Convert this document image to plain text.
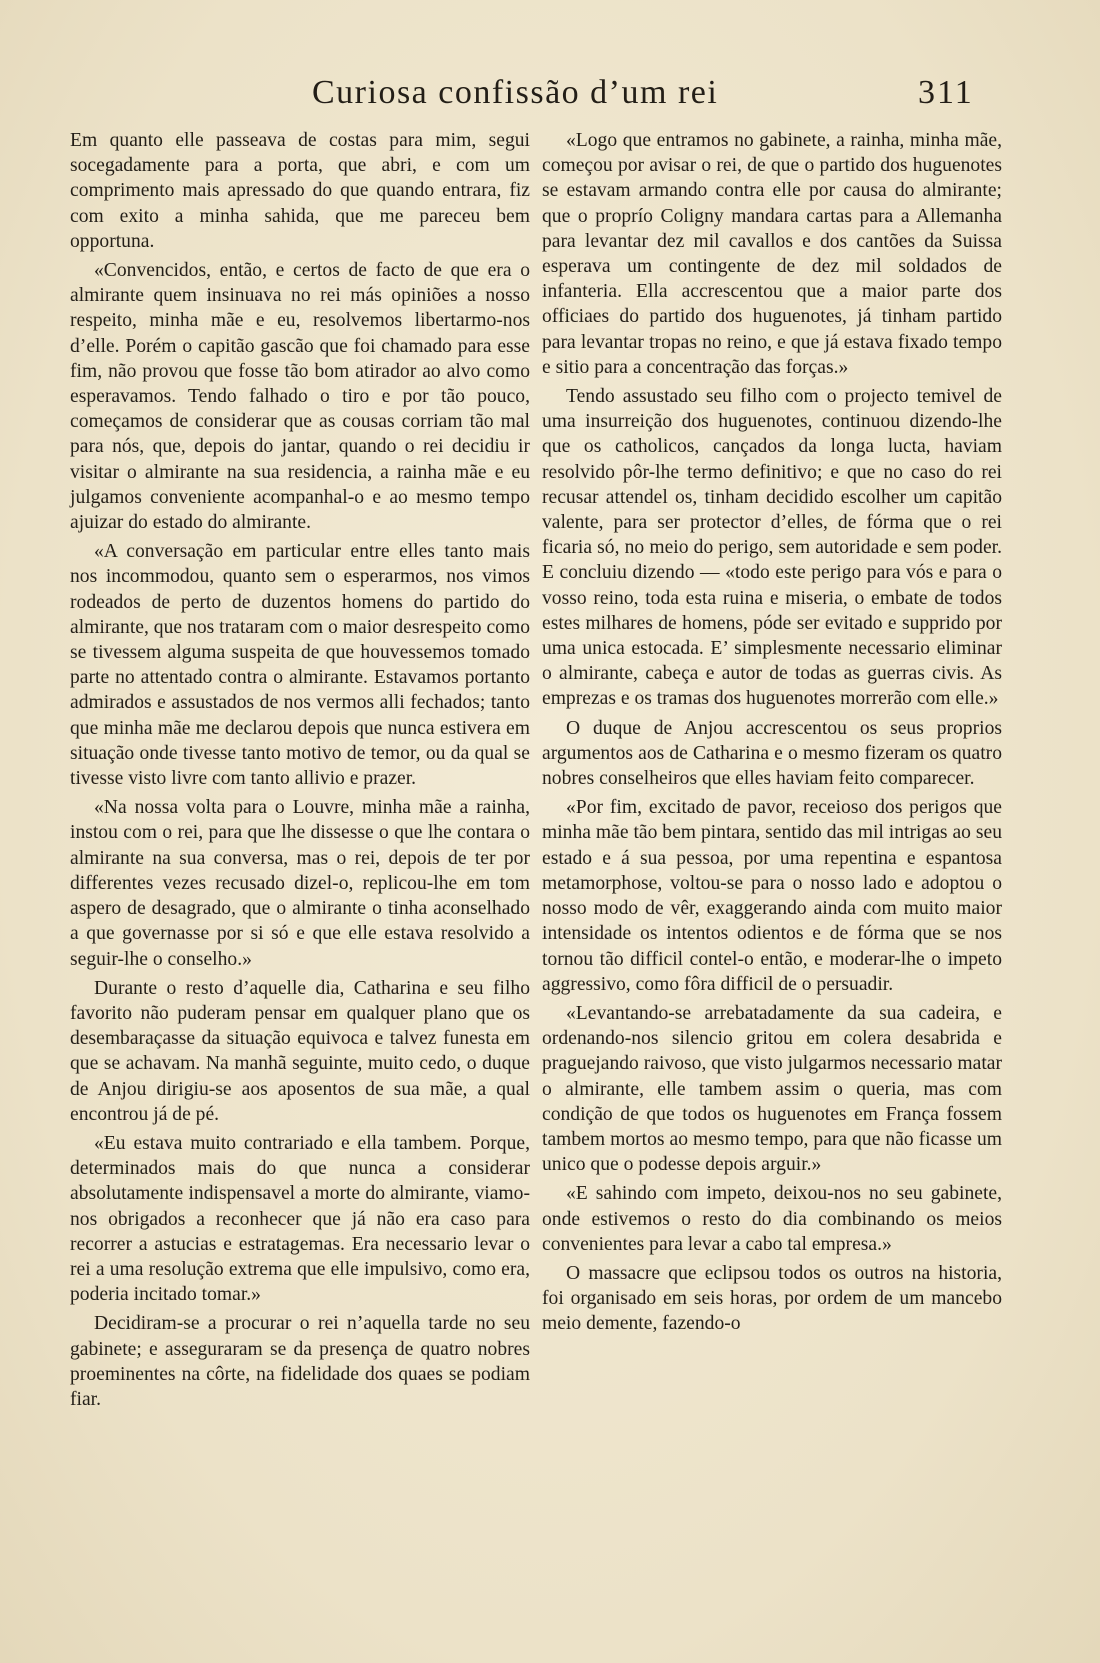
Curiosa confissão d’um rei	311

Em quanto elle passeava de costas para mim, segui socegadamente para a porta, que abri, e com um comprimento mais apressado do que quando entrara, fiz com exito a minha sahida, que me pareceu bem opportuna.

«Convencidos, então, e certos de facto de que era o almirante quem insinuava no rei más opiniões a nosso respeito, minha mãe e eu, resolvemos libertarmo-nos d’elle. Porém o capitão gascão que foi chamado para esse fim, não provou que fosse tão bom atirador ao alvo como esperavamos. Tendo falhado o tiro e por tão pouco, começamos de considerar que as cousas corriam tão mal para nós, que, depois do jantar, quando o rei decidiu ir visitar o almirante na sua residencia, a rainha mãe e eu julgamos conveniente acompanhal-o e ao mesmo tempo ajuizar do estado do almirante.

«A conversação em particular entre elles tanto mais nos incommodou, quanto sem o esperarmos, nos vimos rodeados de perto de duzentos homens do partido do almirante, que nos trataram com o maior desrespeito como se tivessem alguma suspeita de que houvessemos tomado parte no attentado contra o almirante. Estavamos portanto admirados e assustados de nos vermos alli fechados; tanto que minha mãe me declarou depois que nunca estivera em situação onde tivesse tanto motivo de temor, ou da qual se tivesse visto livre com tanto allivio e prazer.

«Na nossa volta para o Louvre, minha mãe a rainha, instou com o rei, para que lhe dissesse o que lhe contara o almirante na sua conversa, mas o rei, depois de ter por differentes vezes recusado dizel-o, replicou-lhe em tom aspero de desagrado, que o almirante o tinha aconselhado a que governasse por si só e que elle estava resolvido a seguir-lhe o conselho.»

Durante o resto d’aquelle dia, Catharina e seu filho favorito não puderam pensar em qualquer plano que os desembaraçasse da situação equivoca e talvez funesta em que se achavam. Na manhã seguinte, muito cedo, o duque de Anjou dirigiu-se aos aposentos de sua mãe, a qual encontrou já de pé.

«Eu estava muito contrariado e ella tambem. Porque, determinados mais do que nunca a considerar absolutamente indispensavel a morte do almirante, viamo-nos obrigados a reconhecer que já não era caso para recorrer a astucias e estratagemas. Era necessario levar o rei a uma resolução extrema que elle impulsivo, como era, poderia incitado tomar.»

Decidiram-se a procurar o rei n’aquella tarde no seu gabinete; e asseguraram se da presença de quatro nobres proeminentes na côrte, na fidelidade dos quaes se podiam fiar.

«Logo que entramos no gabinete, a rainha, minha mãe, começou por avisar o rei, de que o partido dos huguenotes se estavam armando contra elle por causa do almirante; que o proprío Coligny mandara cartas para a Allemanha para levantar dez mil cavallos e dos cantões da Suissa esperava um contingente de dez mil soldados de infanteria. Ella accrescentou que a maior parte dos officiaes do partido dos huguenotes, já tinham partido para levantar tropas no reino, e que já estava fixado tempo e sitio para a concentração das forças.»

Tendo assustado seu filho com o projecto temivel de uma insurreição dos huguenotes, continuou dizendo-lhe que os catholicos, cançados da longa lucta, haviam resolvido pôr-lhe termo definitivo; e que no caso do rei recusar attendel os, tinham decidido escolher um capitão valente, para ser protector d’elles, de fórma que o rei ficaria só, no meio do perigo, sem autoridade e sem poder. E concluiu dizendo — «todo este perigo para vós e para o vosso reino, toda esta ruina e miseria, o embate de todos estes milhares de homens, póde ser evitado e supprido por uma unica estocada. E’ simplesmente necessario eliminar o almirante, cabeça e autor de todas as guerras civis. As emprezas e os tramas dos huguenotes morrerão com elle.»

O duque de Anjou accrescentou os seus proprios argumentos aos de Catharina e o mesmo fizeram os quatro nobres conselheiros que elles haviam feito comparecer.

«Por fim, excitado de pavor, receioso dos perigos que minha mãe tão bem pintara, sentido das mil intrigas ao seu estado e á sua pessoa, por uma repentina e espantosa metamorphose, voltou-se para o nosso lado e adoptou o nosso modo de vêr, exaggerando ainda com muito maior intensidade os intentos odientos e de fórma que se nos tornou tão difficil contel-o então, e moderar-lhe o impeto aggressivo, como fôra difficil de o persuadir.

«Levantando-se arrebatadamente da sua cadeira, e ordenando-nos silencio gritou em colera desabrida e praguejando raivoso, que visto julgarmos necessario matar o almirante, elle tambem assim o queria, mas com condição de que todos os huguenotes em França fossem tambem mortos ao mesmo tempo, para que não ficasse um unico que o podesse depois arguir.»

«E sahindo com impeto, deixou-nos no seu gabinete, onde estivemos o resto do dia combinando os meios convenientes para levar a cabo tal empresa.»

O massacre que eclipsou todos os outros na historia, foi organisado em seis horas, por ordem de um mancebo meio demente, fazendo-o
